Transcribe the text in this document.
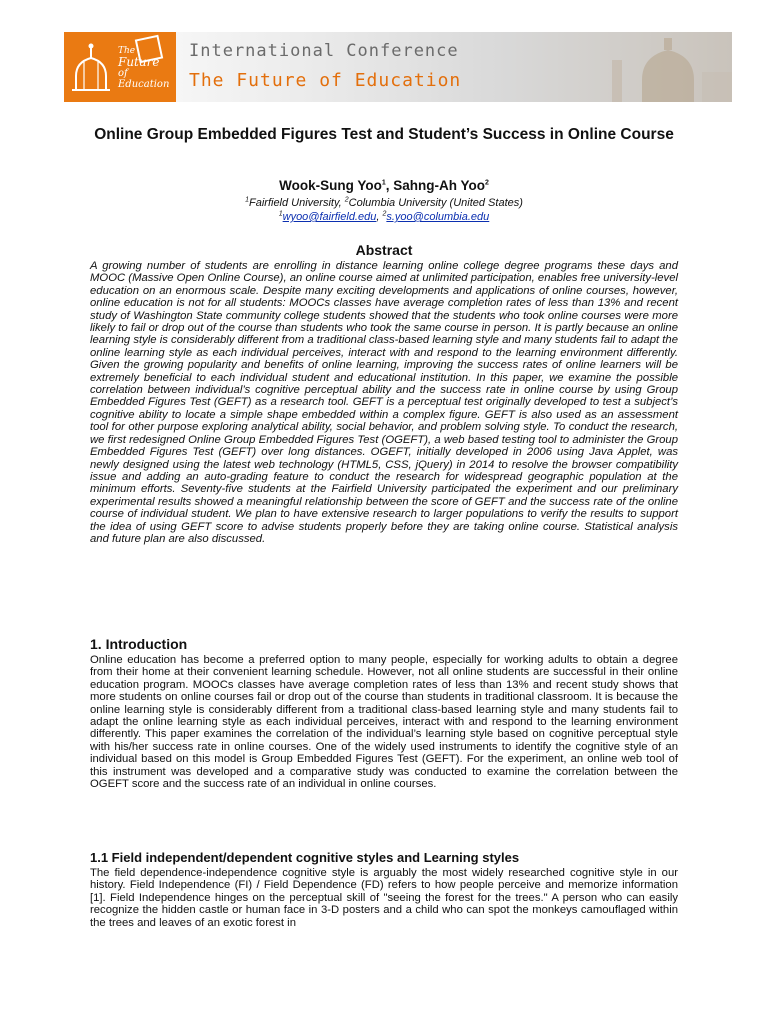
The
Future
of Education
International Conference
The Future of Education
Online Group Embedded Figures Test and Student’s Success in Online Course
Wook-Sung Yoo$^1$, Sahng-Ah Yoo$^2$
$^1$Fairfield University, $^2$Columbia University (United States)
$^1$wyoo@fairfield.edu, $^2$s.yoo@columbia.edu
Abstract

A growing number of students are enrolling in distance learning online college degree programs these days and MOOC (Massive Open Online Course), an online course aimed at unlimited participation, enables free university-level education on an enormous scale. Despite many exciting developments and applications of online courses, however, online education is not for all students: MOOCs classes have average completion rates of less than 13% and recent study of Washington State community college students showed that the students who took online courses were more likely to fail or drop out of the course than students who took the same course in person. It is partly because an online learning style is considerably different from a traditional class-based learning style and many students fail to adapt the online learning style as each individual perceives, interact with and respond to the learning environment differently. Given the growing popularity and benefits of online learning, improving the success rates of online learners will be extremely beneficial to each individual student and educational institution. In this paper, we examine the possible correlation between individual’s cognitive perceptual ability and the success rate in online course by using Group Embedded Figures Test (GEFT) as a research tool. GEFT is a perceptual test originally developed to test a subject’s cognitive ability to locate a simple shape embedded within a complex figure. GEFT is also used as an assessment tool for other purpose exploring analytical ability, social behavior, and problem solving style. To conduct the research, we first redesigned Online Group Embedded Figures Test (OGEFT), a web based testing tool to administer the Group Embedded Figures Test (GEFT) over long distances. OGEFT, initially developed in 2006 using Java Applet, was newly designed using the latest web technology (HTML5, CSS, jQuery) in 2014 to resolve the browser compatibility issue and adding an auto-grading feature to conduct the research for widespread geographic population at the minimum efforts. Seventy-five students at the Fairfield University participated the experiment and our preliminary experimental results showed a meaningful relationship between the score of GEFT and the success rate of the online course of individual student. We plan to have extensive research to larger populations to verify the results to support the idea of using GEFT score to advise students properly before they are taking online course. Statistical analysis and future plan are also discussed.

1. Introduction

Online education has become a preferred option to many people, especially for working adults to obtain a degree from their home at their convenient learning schedule. However, not all online students are successful in their online education program. MOOCs classes have average completion rates of less than 13% and recent study shows that more students on online courses fail or drop out of the course than students in traditional classroom. It is because the online learning style is considerably different from a traditional class-based learning style and many students fail to adapt the online learning style as each individual perceives, interact with and respond to the learning environment differently. This paper examines the correlation of the individual’s learning style based on cognitive perceptual style with his/her success rate in online courses. One of the widely used instruments to identify the cognitive style of an individual based on this model is Group Embedded Figures Test (GEFT). For the experiment, an online web tool of this instrument was developed and a comparative study was conducted to examine the correlation between the OGEFT score and the success rate of an individual in online courses.

1.1 Field independent/dependent cognitive styles and Learning styles

The field dependence-independence cognitive style is arguably the most widely researched cognitive style in our history. Field Independence (FI) / Field Dependence (FD) refers to how people perceive and memorize information [1]. Field Independence hinges on the perceptual skill of "seeing the forest for the trees." A person who can easily recognize the hidden castle or human face in 3-D posters and a child who can spot the monkeys camouflaged within the trees and leaves of an exotic forest in
